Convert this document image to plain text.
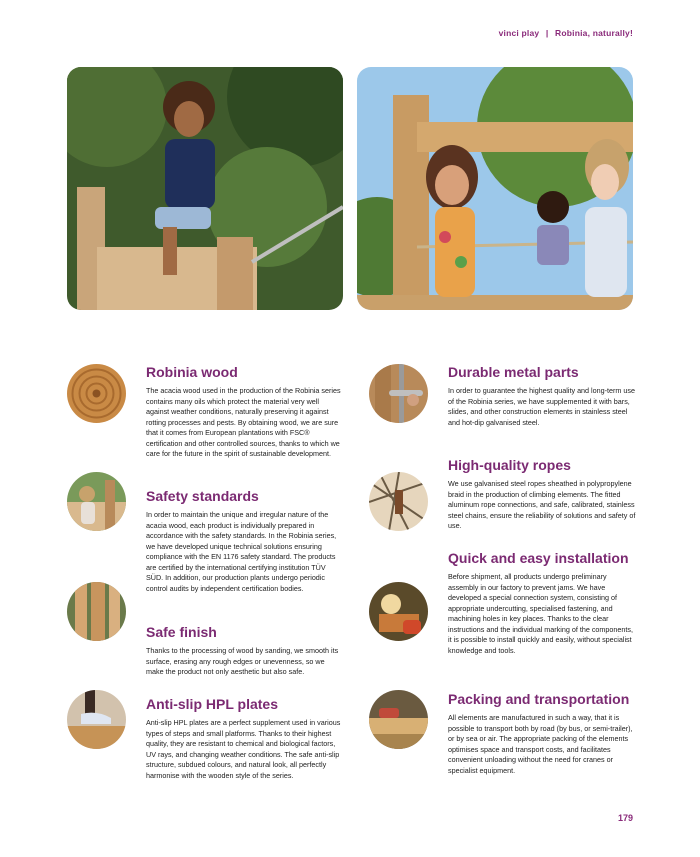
vinci play | Robinia, naturally!
Robinia wood

The acacia wood used in the production of the Robinia series contains many oils which protect the material very well against weather conditions, naturally preserving it against rotting processes and pests. By obtaining wood, we are sure that it comes from European plantations with FSC® certification and other controlled sources, thanks to which we care for the future in the spirit of sustainable development.

Safety standards

In order to maintain the unique and irregular nature of the acacia wood, each product is individually prepared in accordance with the safety standards. In the Robinia series, we have developed unique technical solutions ensuring compliance with the EN 1176 safety standard. The products are certified by the international certifying institution TÜV SÜD. In addition, our production plants undergo periodic control audits by independent certification bodies.

Safe finish

Thanks to the processing of wood by sanding, we smooth its surface, erasing any rough edges or unevenness, so we make the product not only aesthetic but also safe.

Anti-slip HPL plates

Anti-slip HPL plates are a perfect supplement used in various types of steps and small platforms. Thanks to their highest quality, they are resistant to chemical and biological factors, UV rays, and changing weather conditions. The safe anti-slip structure, subdued colours, and natural look, all perfectly harmonise with the wooden style of the series.

Durable metal parts

In order to guarantee the highest quality and long-term use of the Robinia series, we have supplemented it with bars, slides, and other construction elements in stainless steel and hot-dip galvanised steel.

High-quality ropes

We use galvanised steel ropes sheathed in polypropylene braid in the production of climbing elements. The fitted aluminum rope connections, and safe, calibrated, stainless steel chains, ensure the reliability of solutions and safety of use.

Quick and easy installation

Before shipment, all products undergo preliminary assembly in our factory to prevent jams. We have developed a special connection system, consisting of appropriate undercutting, specialised fastening, and machining holes in key places. Thanks to the clear instructions and the individual marking of the components, it is possible to install quickly and easily, without specialist knowledge and tools.

Packing and transportation

All elements are manufactured in such a way, that it is possible to transport both by road (by bus, or semi-trailer), or by sea or air. The appropriate packing of the elements optimises space and transport costs, and facilitates convenient unloading without the need for cranes or specialist equipment.

179
